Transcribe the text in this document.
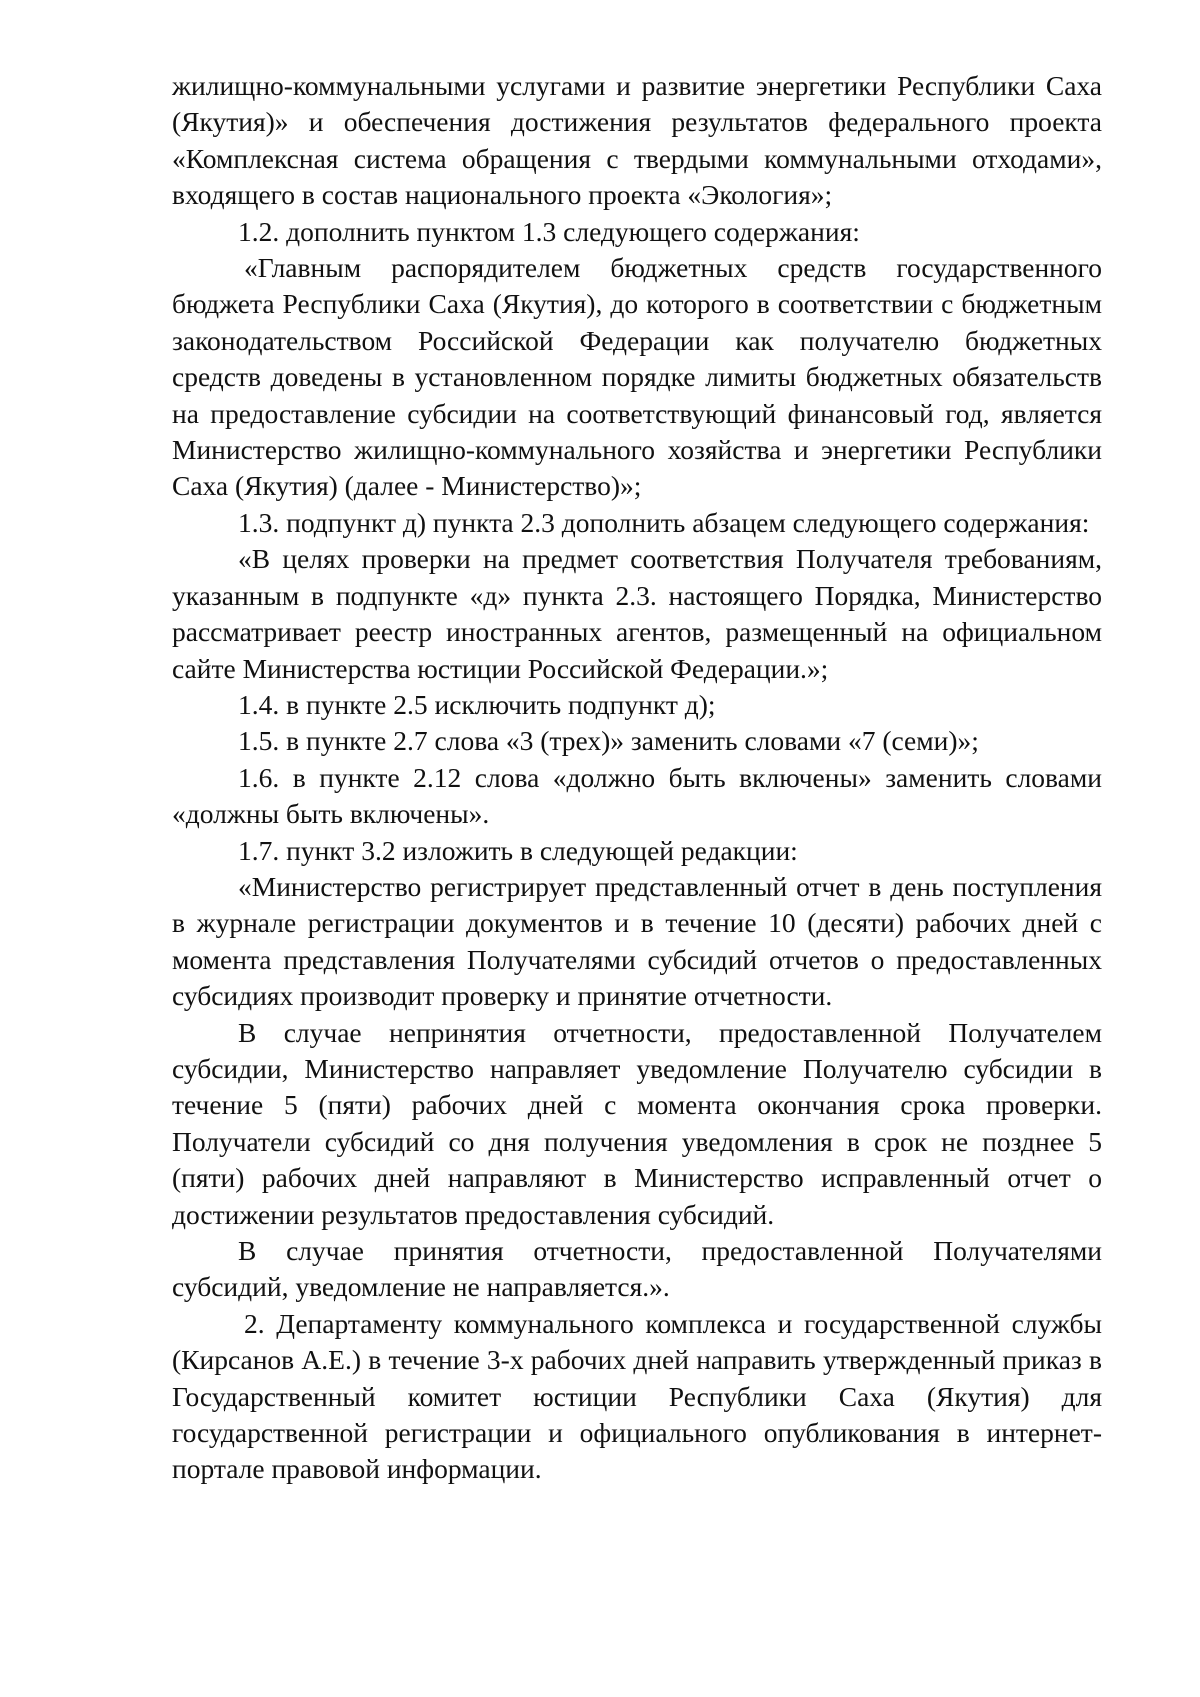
жилищно-коммунальными услугами и развитие энергетики Республики Саха (Якутия)» и обеспечения достижения результатов федерального проекта «Комплексная система обращения с твердыми коммунальными отходами», входящего в состав национального проекта «Экология»;

1.2. дополнить пунктом 1.3 следующего содержания:

«Главным распорядителем бюджетных средств государственного бюджета Республики Саха (Якутия), до которого в соответствии с бюджетным законодательством Российской Федерации как получателю бюджетных средств доведены в установленном порядке лимиты бюджетных обязательств на предоставление субсидии на соответствующий финансовый год, является Министерство жилищно-коммунального хозяйства и энергетики Республики Саха (Якутия) (далее - Министерство)»;

1.3. подпункт д) пункта 2.3 дополнить абзацем следующего содержания:

«В целях проверки на предмет соответствия Получателя требованиям, указанным в подпункте «д» пункта 2.3. настоящего Порядка, Министерство рассматривает реестр иностранных агентов, размещенный на официальном сайте Министерства юстиции Российской Федерации.»;

1.4. в пункте 2.5 исключить подпункт д);

1.5. в пункте 2.7 слова «3 (трех)» заменить словами «7 (семи)»;

1.6. в пункте 2.12 слова «должно быть включены» заменить словами «должны быть включены».

1.7. пункт 3.2 изложить в следующей редакции:

«Министерство регистрирует представленный отчет в день поступления в журнале регистрации документов и в течение 10 (десяти) рабочих дней с момента представления Получателями субсидий отчетов о предоставленных субсидиях производит проверку и принятие отчетности.

В случае непринятия отчетности, предоставленной Получателем субсидии, Министерство направляет уведомление Получателю субсидии в течение 5 (пяти) рабочих дней с момента окончания срока проверки. Получатели субсидий со дня получения уведомления в срок не позднее 5 (пяти) рабочих дней направляют в Министерство исправленный отчет о достижении результатов предоставления субсидий.

В случае принятия отчетности, предоставленной Получателями субсидий, уведомление не направляется.».

2. Департаменту коммунального комплекса и государственной службы (Кирсанов А.Е.) в течение 3-х рабочих дней направить утвержденный приказ в Государственный комитет юстиции Республики Саха (Якутия) для государственной регистрации и официального опубликования в интернет-портале правовой информации.
